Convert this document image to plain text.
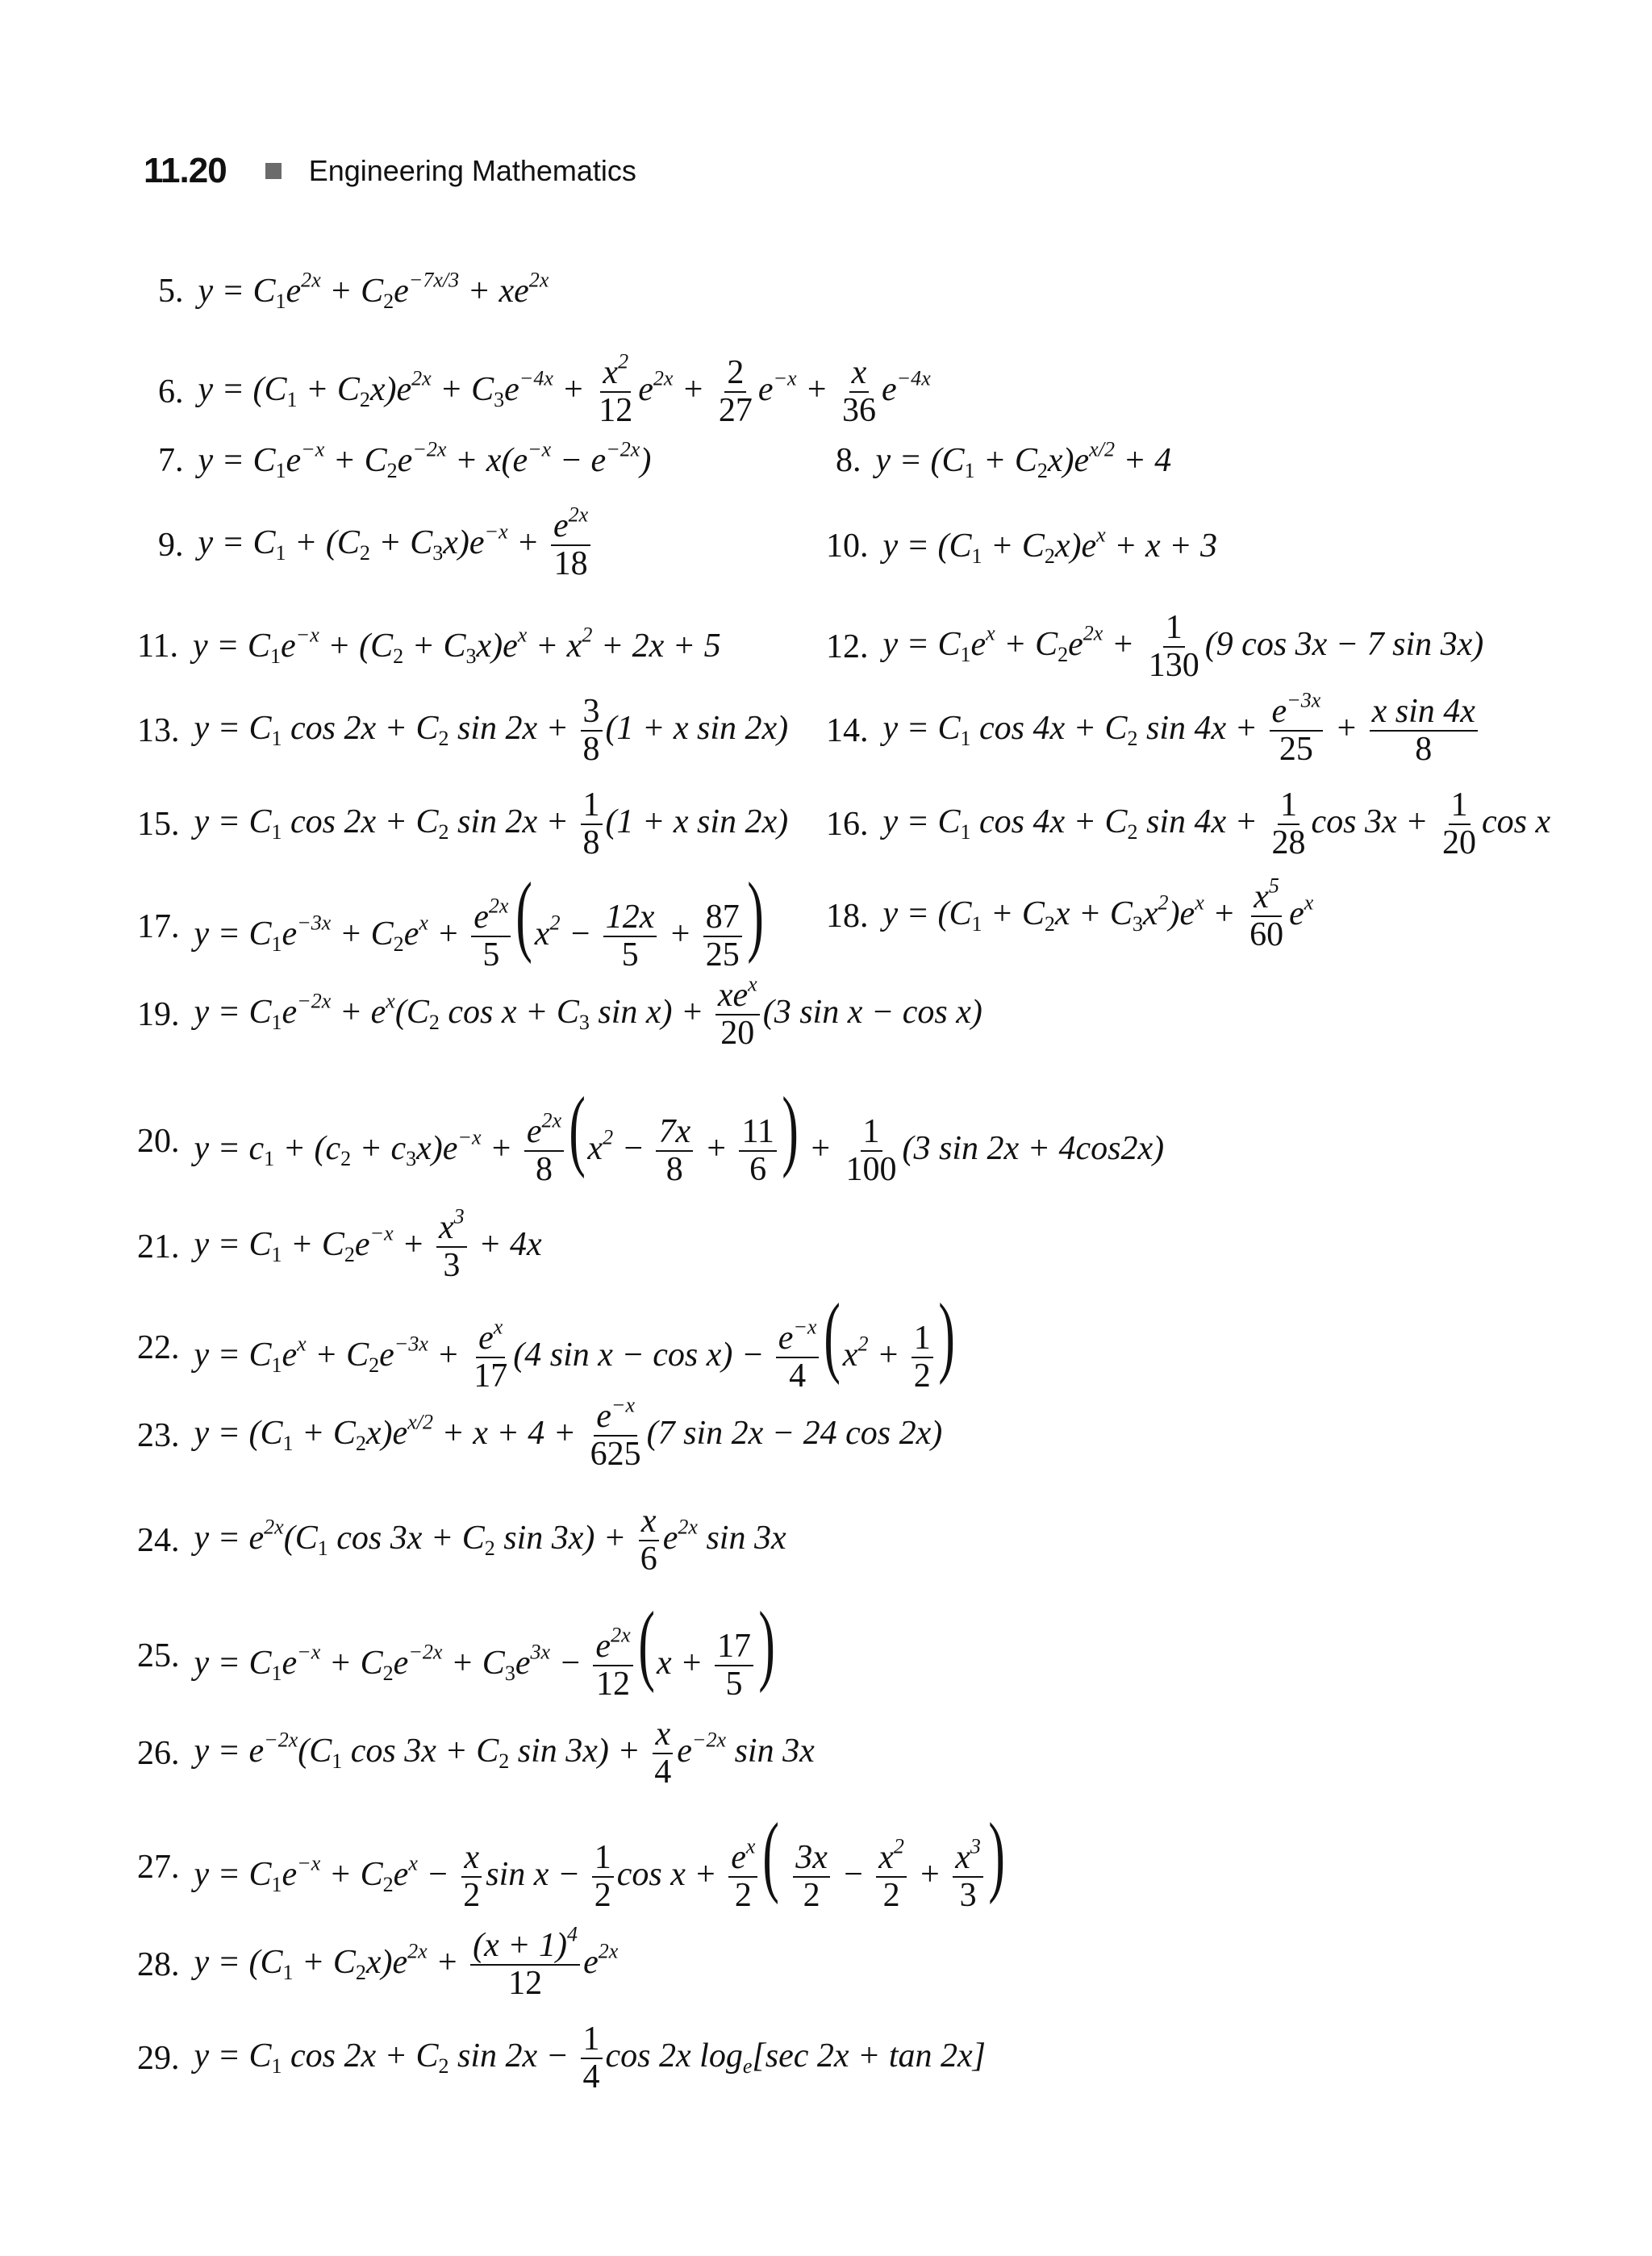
11.20	Engineering Mathematics
5. $y = C_1e^{2x} + C_2e^{-7x/3} + xe^{2x}$
6. $y = (C_1 + C_2x)e^{2x} + C_3e^{-4x} + \frac{x^2}{12} e^{2x} + \frac{2}{27} e^{-x} + \frac{x}{36} e^{-4x}$
7. $y = C_1e^{-x} + C_2e^{-2x} + x(e^{-x} - e^{-2x})$	8. $y = (C_1 + C_2x)e^{x/2} + 4$
9. $y = C_1 + (C_2 + C_3x)e^{-x} + \frac{e^{2x}}{18}$	10. $y = (C_1 + C_2x)e^x + x + 3$
11. $y = C_1e^{-x} + (C_2 + C_3x)e^x + x^2 + 2x + 5$	12. $y = C_1e^x + C_2e^{2x} + \frac{1}{130} (9$ cos 3x − 7 sin 3x)
13. $y = C_1$ $\cos 2x + C_2$ $\sin 2x + \frac{3}{8} (1 + x$ sin 2x) 14. $y = C_1$ $\cos 4x + C_2$ $\sin 4x + \frac{e^{-3x}}{25} + \frac{\text{x sin 4x}}{8}$
15. $y = C_1$ $\cos 2x + C_2$ $\sin 2x + \frac{1}{8} (1 + x$ sin 2x) 16. $y = C_1$ $\cos 4x + C_2$ $\sin 4x + \frac{1}{28}$ $\cos 3x + \frac{1}{20}$ cos x
17. $y = C_1e^{-3x} + C_2e^x + \frac{e^{2x}}{5} (x^2 - \frac{12x}{5} + \frac{87}{25}$ ) 18. $y = (C_1 + C_2x + C_3x^2)e^x + \frac{x^5}{60} e^x$
19. $y = C_1e^{-2x} + e^x(C_2$ $\cos x + C_3$ $\sin x) + \frac{xe^x}{20} (3$ sin x − cos x)
20. $y = c_1 + (c_2 + c_3x)e^{-x} + \frac{e^{2x}}{8} (x^2 - \frac{7x}{8} + \frac{11}{6}$ ) + $\frac{1}{100} (3$ sin 2x + 4cos2x)
21. $y = C_1 + C_2e^{-x} + \frac{x^3}{3} + 4x$
22. $y = C_1e^x + C_2e^{-3x} + \frac{e^x}{17} (4$ $\sin x - \cos x) - \frac{e^{-x}}{4} (x^2 + \frac{1}{2}$ )
23. $y = (C_1 + C_2x)e^{x/2} + x + 4 + \frac{e^{-x}}{625} (7$ sin 2x − 24 cos 2x)
24. $y = e^{2x}(C_1$ $\cos 3x + C_2$ $\sin 3x) + \frac{x}{6} e^{2x}$ sin 3x
25. $y = C_1e^{-x} + C_2e^{-2x} + C_3e^{3x} - \frac{e^{2x}}{12} (x + \frac{17}{5}$ )
26. $y = e^{-2x}(C_1$ $\cos 3x + C_2$ $\sin 3x) + \frac{x}{4} e^{-2x}$ sin 3x
27. $y = C_1e^{-x} + C_2e^x - \frac{x}{2}$ $\sin x - \frac{1}{2}$ $\cos x + \frac{e^x}{2}$ ( $\frac{3x}{2} - \frac{x^2}{2} + \frac{x^3}{3}$ )
28. $y = (C_1 + C_2x)e^{2x} + \frac{(x + 1)^4}{12} e^{2x}$
29. $y = C_1$ $\cos 2x + C_2$ $\sin 2x - \frac{1}{4}$ cos 2x $\log_e[\sec$ 2x + tan 2x]
